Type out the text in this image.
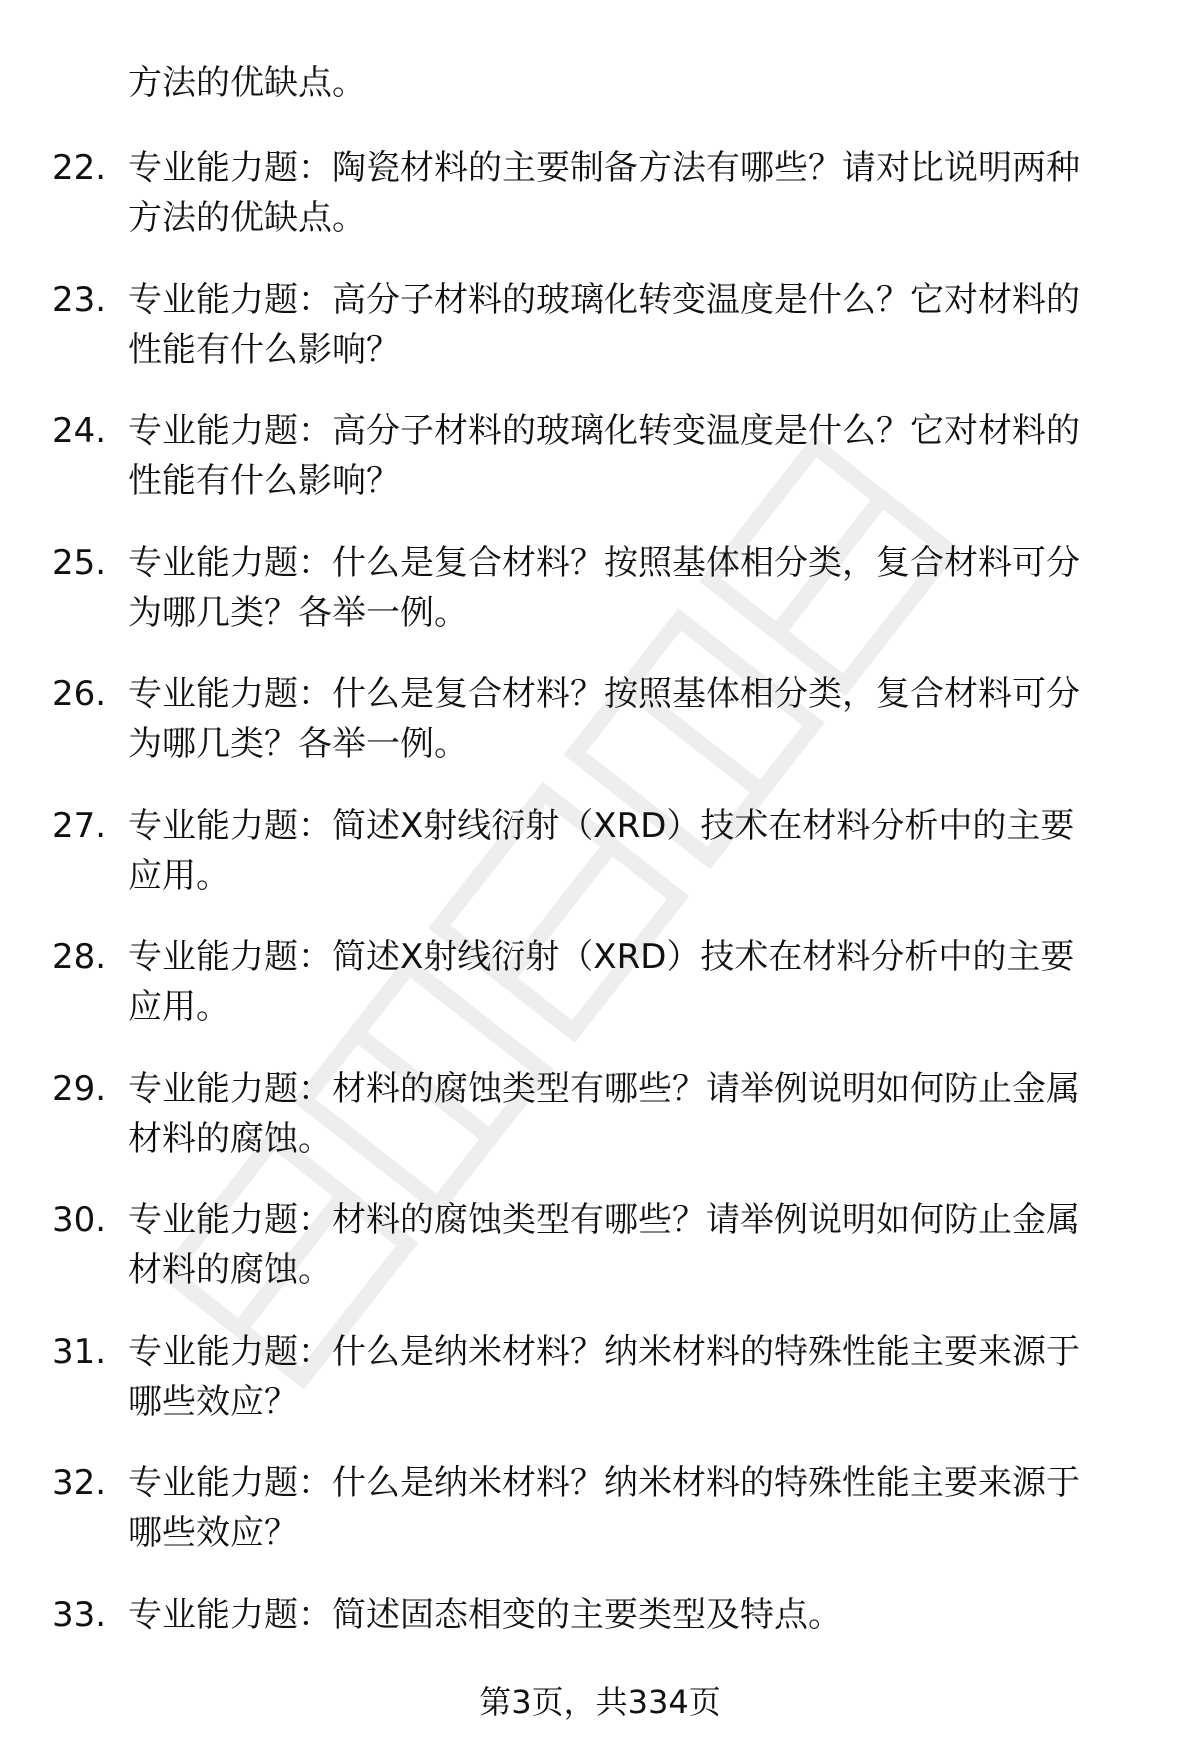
方法的优缺点。
22. 专业能力题：陶瓷材料的主要制备方法有哪些？请对比说明两种
方法的优缺点。
23. 专业能力题：高分子材料的玻璃化转变温度是什么？它对材料的
性能有什么影响？
24. 专业能力题：高分子材料的玻璃化转变温度是什么？它对材料的
性能有什么影响？
25. 专业能力题：什么是复合材料？按照基体相分类，复合材料可分
为哪几类？各举一例。
26. 专业能力题：什么是复合材料？按照基体相分类，复合材料可分
为哪几类？各举一例。
27. 专业能力题：简述X射线衍射（XRD）技术在材料分析中的主要
应用。
28. 专业能力题：简述X射线衍射（XRD）技术在材料分析中的主要
应用。
29. 专业能力题：材料的腐蚀类型有哪些？请举例说明如何防止金属
材料的腐蚀。
30. 专业能力题：材料的腐蚀类型有哪些？请举例说明如何防止金属
材料的腐蚀。
31. 专业能力题：什么是纳米材料？纳米材料的特殊性能主要来源于
哪些效应？
32. 专业能力题：什么是纳米材料？纳米材料的特殊性能主要来源于
哪些效应？
33. 专业能力题：简述固态相变的主要类型及特点。

第3页，共334页
